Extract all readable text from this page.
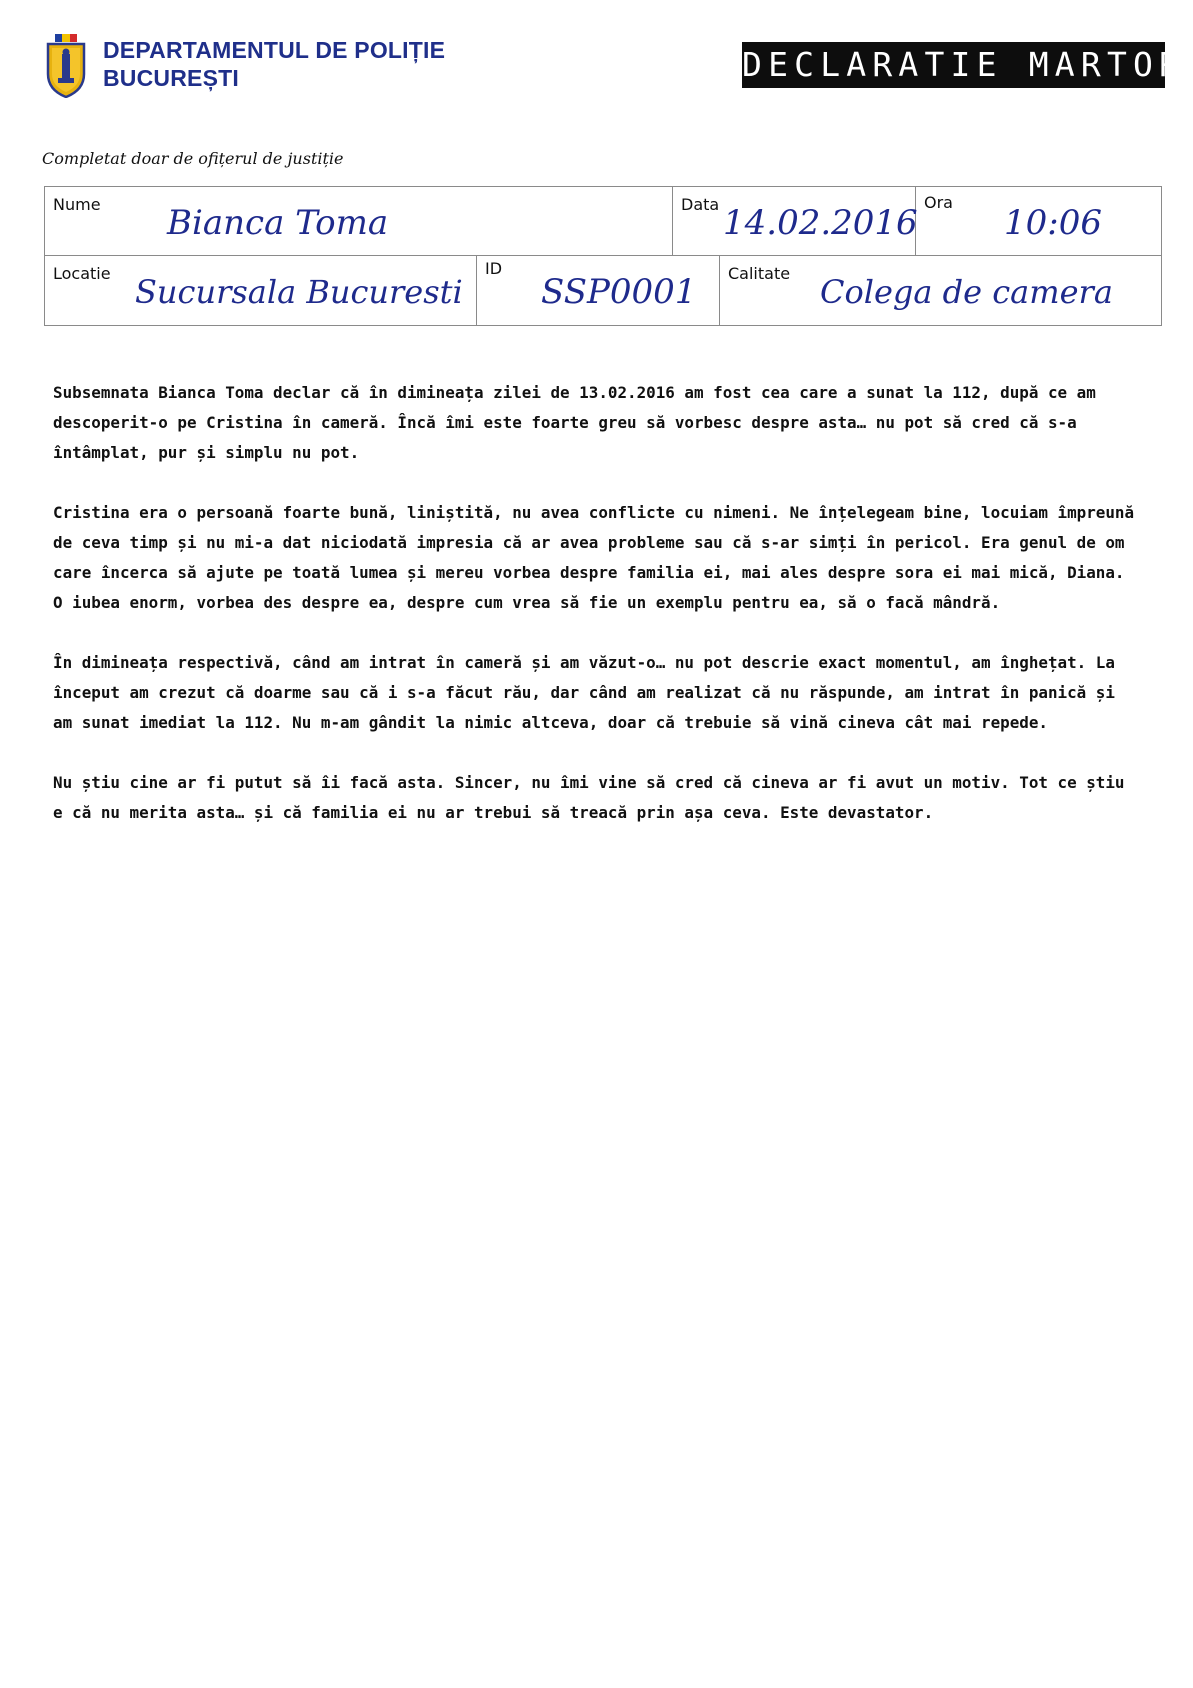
DEPARTAMENTUL DE POLIȚIE
BUCUREȘTI	DECLARATIE MARTOR
Completat doar de ofițerul de justiție
Nume Bianca Toma	Data 14.02.2016
Ora
10:06
Locatie Sucursala Bucuresti
ID
SSP0001 Calitate Colega de camera

Subsemnata Bianca Toma declar că în dimineața zilei de 13.02.2016 am fost cea care a sunat la 112, după ce am descoperit-o pe Cristina în cameră. Încă îmi este foarte greu să vorbesc despre asta… nu pot să cred că s-a întâmplat, pur și simplu nu pot.

Cristina era o persoană foarte bună, liniștită, nu avea conflicte cu nimeni. Ne înțelegeam bine, locuiam împreună de ceva timp și nu mi-a dat niciodată impresia că ar avea probleme sau că s-ar simți în pericol. Era genul de om care încerca să ajute pe toată lumea și mereu vorbea despre familia ei, mai ales despre sora ei mai mică, Diana. O iubea enorm, vorbea des despre ea, despre cum vrea să fie un exemplu pentru ea, să o facă mândră.

În dimineața respectivă, când am intrat în cameră și am văzut-o… nu pot descrie exact momentul, am înghețat. La început am crezut că doarme sau că i s-a făcut rău, dar când am realizat că nu răspunde, am intrat în panică și am sunat imediat la 112. Nu m-am gândit la nimic altceva, doar că trebuie să vină cineva cât mai repede.

Nu știu cine ar fi putut să îi facă asta. Sincer, nu îmi vine să cred că cineva ar fi avut un motiv. Tot ce știu e că nu merita asta… și că familia ei nu ar trebui să treacă prin așa ceva. Este devastator.
